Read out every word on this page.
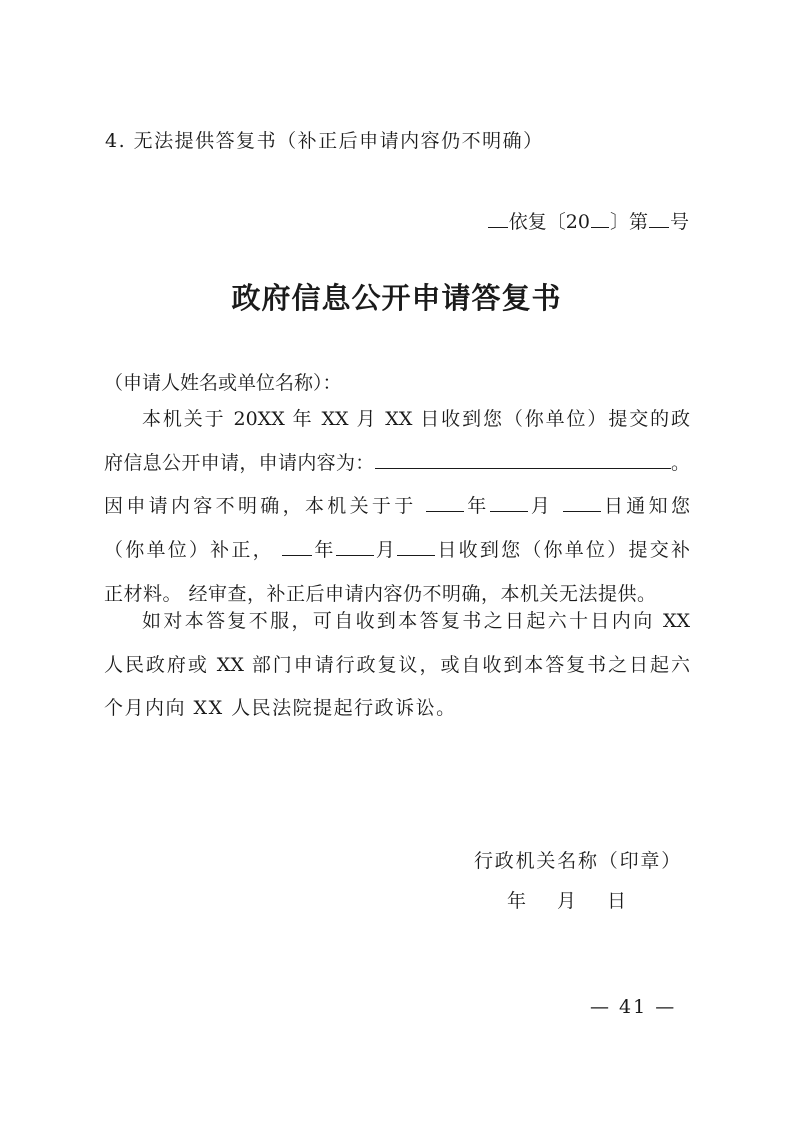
4. 无法提供答复书（补正后申请内容仍不明确）
依复〔20 〕第 号
政府信息公开申请答复书
（申请人姓名或单位名称）：
本机关于 20XX 年 XX 月 XX 日收到您（你单位）提交的政
府信息公开申请，申请内容为：	。
因申请内容不明确，本机关于于 年 月 日通知您
（你单位）补正， 年 月 日收到您（你单位）提交补
正材料。 经审查，补正后申请内容仍不明确，本机关无法提供。
如对本答复不服，可自收到本答复书之日起六十日内向 XX
人民政府或 XX 部门申请行政复议，或自收到本答复书之日起六
个月内向 XX 人民法院提起行政诉讼。
行政机关名称（印章）
年　月　日
— 41 —
